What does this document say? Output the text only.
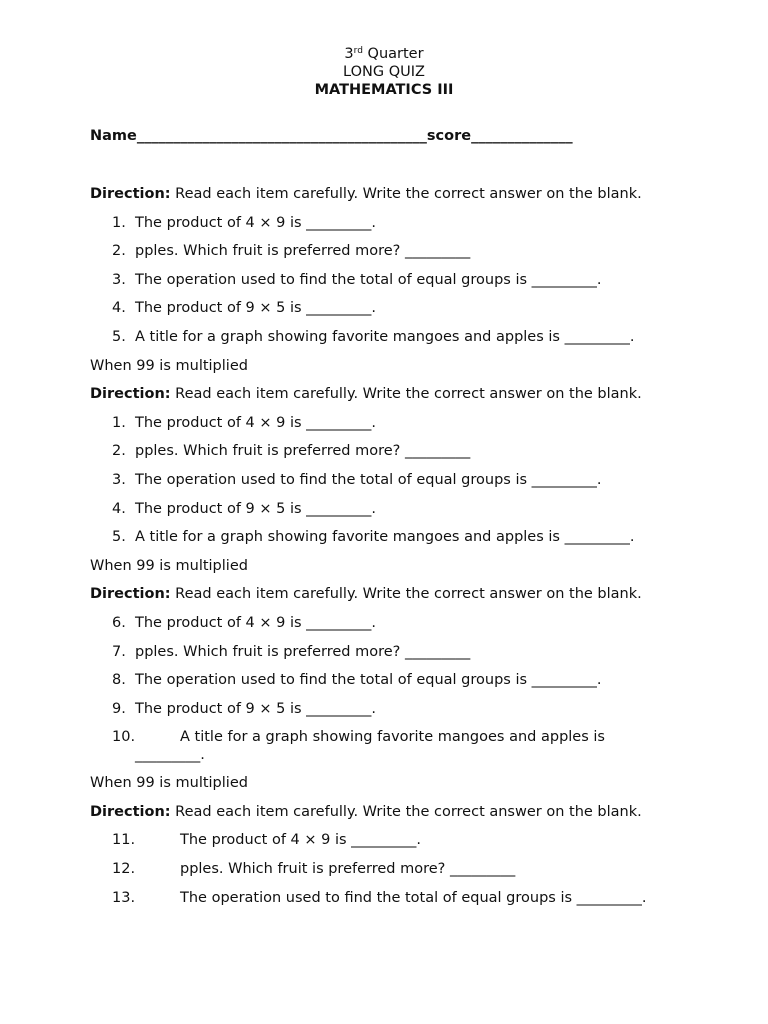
3rd Quarter
LONG QUIZ
MATHEMATICS III
Name________________________________________score______________
Direction: Read each item carefully. Write the correct answer on the blank.
1. The product of 4 × 9 is _________.
2. pples. Which fruit is preferred more? _________
3. The operation used to find the total of equal groups is _________.
4. The product of 9 × 5 is _________.
5. A title for a graph showing favorite mangoes and apples is _________.
When 99 is multiplied
Direction: Read each item carefully. Write the correct answer on the blank.
1. The product of 4 × 9 is _________.
2. pples. Which fruit is preferred more? _________
3. The operation used to find the total of equal groups is _________.
4. The product of 9 × 5 is _________.
5. A title for a graph showing favorite mangoes and apples is _________.
When 99 is multiplied
Direction: Read each item carefully. Write the correct answer on the blank.
6. The product of 4 × 9 is _________.
7. pples. Which fruit is preferred more? _________
8. The operation used to find the total of equal groups is _________.
9. The product of 9 × 5 is _________.
10.	A title for a graph showing favorite mangoes and apples is
_________.
When 99 is multiplied
Direction: Read each item carefully. Write the correct answer on the blank.
11.	The product of 4 × 9 is _________.
12.	pples. Which fruit is preferred more? _________
13.	The operation used to find the total of equal groups is _________.
